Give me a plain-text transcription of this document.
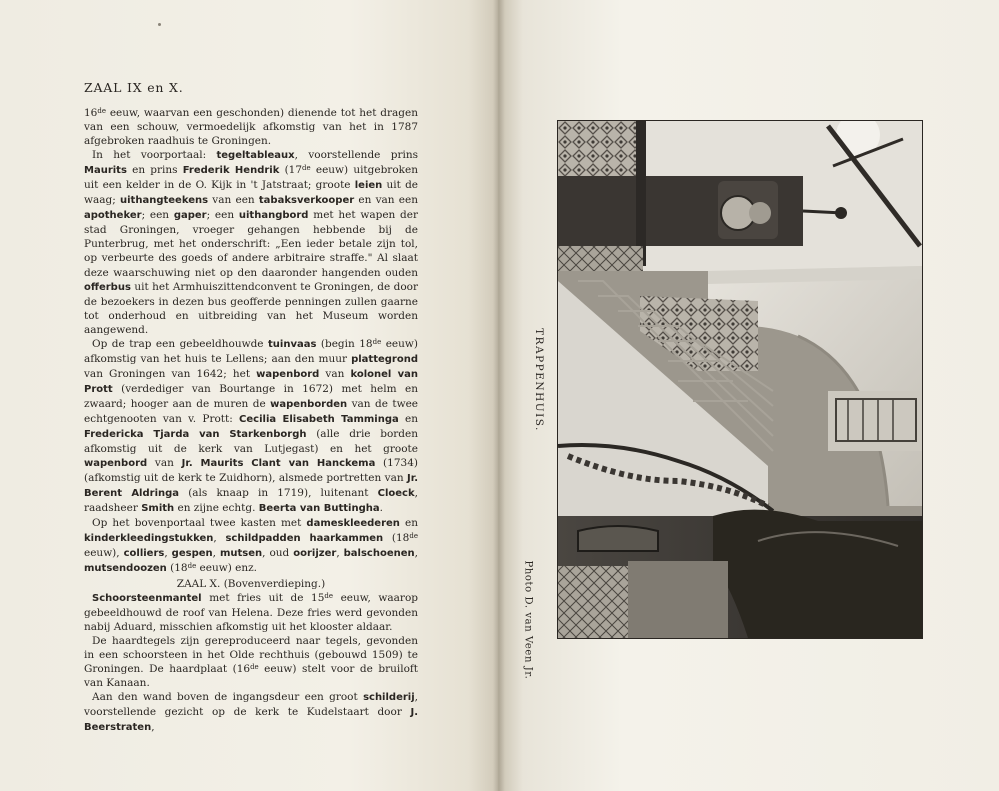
ZAAL IX en X.

16de eeuw, waarvan een geschonden) dienende tot het dragen van een schouw, vermoedelijk afkomstig van het in 1787 afgebroken raadhuis te Groningen.

In het voorportaal: tegeltableaux, voorstellende prins Maurits en prins Frederik Hendrik (17de eeuw) uitgebroken uit een kelder in de O. Kijk in 't Jatstraat; groote leien uit de waag; uithangteekens van een tabaksverkooper en van een apotheker; een gaper; een uithangbord met het wapen der stad Groningen, vroeger gehangen hebbende bij de Punterbrug, met het onderschrift: „Een ieder betale zijn tol, op verbeurte des goeds of andere arbitraire straffe." Al slaat deze waarschuwing niet op den daaronder hangenden ouden offerbus uit het Armhuiszittendconvent te Groningen, de door de bezoekers in dezen bus geofferde penningen zullen gaarne tot onderhoud en uitbreiding van het Museum worden aangewend.

Op de trap een gebeeldhouwde tuinvaas (begin 18de eeuw) afkomstig van het huis te Lellens; aan den muur plattegrond van Groningen van 1642; het wapenbord van kolonel van Prott (verdediger van Bourtange in 1672) met helm en zwaard; hooger aan de muren de wapenborden van de twee echtgenooten van v. Prott: Cecilia Elisabeth Tamminga en Fredericka Tjarda van Starkenborgh (alle drie borden afkomstig uit de kerk van Lutjegast) en het groote wapenbord van Jr. Maurits Clant van Hanckema (1734) (afkomstig uit de kerk te Zuidhorn), alsmede portretten van Jr. Berent Aldringa (als knaap in 1719), luitenant Cloeck, raadsheer Smith en zijne echtg. Beerta van Buttingha.

Op het bovenportaal twee kasten met dameskleederen en kinderkleedingstukken, schildpadden haarkammen (18de eeuw), colliers, gespen, mutsen, oud oorijzer, balschoenen, mutsendoozen (18de eeuw) enz.

ZAAL X. (Bovenverdieping.)

Schoorsteenmantel met fries uit de 15de eeuw, waarop gebeeldhouwd de roof van Helena. Deze fries werd gevonden nabij Aduard, misschien afkomstig uit het klooster aldaar.

De haardtegels zijn gereproduceerd naar tegels, gevonden in een schoorsteen in het Olde rechthuis (gebouwd 1509) te Groningen. De haardplaat (16de eeuw) stelt voor de bruiloft van Kanaan.

Aan den wand boven de ingangsdeur een groot schilderij, voorstellende gezicht op de kerk te Kudelstaart door J. Beerstraten,

TRAPPENHUIS.
Photo D. van Veen Jr.
